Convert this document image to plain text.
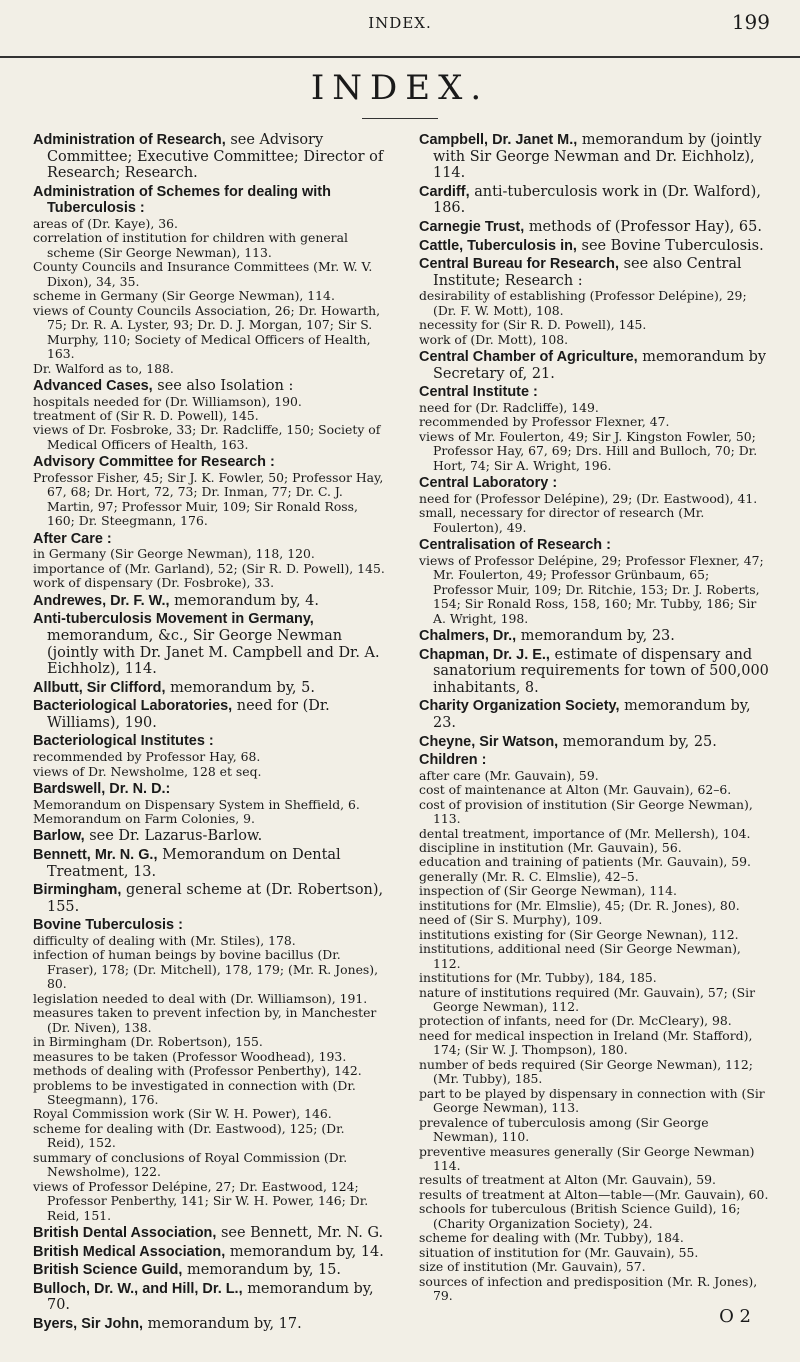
INDEX.	199
INDEX.
Administration of Research, see Advisory Committee; Executive Committee; Director of Research; Research.
Administration of Schemes for dealing with Tuberculosis :
areas of (Dr. Kaye), 36.
correlation of institution for children with general scheme (Sir George Newman), 113.
County Councils and Insurance Committees (Mr. W. V. Dixon), 34, 35.
scheme in Germany (Sir George Newman), 114.
views of County Councils Association, 26; Dr. Howarth, 75; Dr. R. A. Lyster, 93; Dr. D. J. Morgan, 107; Sir S. Murphy, 110; Society of Medical Officers of Health, 163.
Dr. Walford as to, 188.
Advanced Cases, see also Isolation :
hospitals needed for (Dr. Williamson), 190.
treatment of (Sir R. D. Powell), 145.
views of Dr. Fosbroke, 33; Dr. Radcliffe, 150; Society of Medical Officers of Health, 163.
Advisory Committee for Research :
Professor Fisher, 45; Sir J. K. Fowler, 50; Professor Hay, 67, 68; Dr. Hort, 72, 73; Dr. Inman, 77; Dr. C. J. Martin, 97; Professor Muir, 109; Sir Ronald Ross, 160; Dr. Steegmann, 176.
After Care :
in Germany (Sir George Newman), 118, 120.
importance of (Mr. Garland), 52; (Sir R. D. Powell), 145.
work of dispensary (Dr. Fosbroke), 33.
Andrewes, Dr. F. W., memorandum by, 4.
Anti-tuberculosis Movement in Germany, memorandum, &c., Sir George Newman (jointly with Dr. Janet M. Campbell and Dr. A. Eichholz), 114.
Allbutt, Sir Clifford, memorandum by, 5.
Bacteriological Laboratories, need for (Dr. Williams), 190.
Bacteriological Institutes :
recommended by Professor Hay, 68.
views of Dr. Newsholme, 128 et seq.
Bardswell, Dr. N. D.:
Memorandum on Dispensary System in Sheffield, 6.
Memorandum on Farm Colonies, 9.
Barlow, see Dr. Lazarus-Barlow.
Bennett, Mr. N. G., Memorandum on Dental Treatment, 13.
Birmingham, general scheme at (Dr. Robertson), 155.
Bovine Tuberculosis :
difficulty of dealing with (Mr. Stiles), 178.
infection of human beings by bovine bacillus (Dr. Fraser), 178; (Dr. Mitchell), 178, 179; (Mr. R. Jones), 80.
legislation needed to deal with (Dr. Williamson), 191.
measures taken to prevent infection by, in Manchester (Dr. Niven), 138.
in Birmingham (Dr. Robertson), 155.
measures to be taken (Professor Woodhead), 193.
methods of dealing with (Professor Penberthy), 142.
problems to be investigated in connection with (Dr. Steegmann), 176.
Royal Commission work (Sir W. H. Power), 146.
scheme for dealing with (Dr. Eastwood), 125; (Dr. Reid), 152.
summary of conclusions of Royal Commission (Dr. Newsholme), 122.
views of Professor Delépine, 27; Dr. Eastwood, 124; Professor Penberthy, 141; Sir W. H. Power, 146; Dr. Reid, 151.
British Dental Association, see Bennett, Mr. N. G.
British Medical Association, memorandum by, 14.
British Science Guild, memorandum by, 15.
Bulloch, Dr. W., and Hill, Dr. L., memorandum by, 70.
Byers, Sir John, memorandum by, 17.
Campbell, Dr. Janet M., memorandum by (jointly with Sir George Newman and Dr. Eichholz), 114.
Cardiff, anti-tuberculosis work in (Dr. Walford), 186.
Carnegie Trust, methods of (Professor Hay), 65.
Cattle, Tuberculosis in, see Bovine Tuberculosis.
Central Bureau for Research, see also Central Institute; Research :
desirability of establishing (Professor Delépine), 29; (Dr. F. W. Mott), 108.
necessity for (Sir R. D. Powell), 145.
work of (Dr. Mott), 108.
Central Chamber of Agriculture, memorandum by Secretary of, 21.
Central Institute :
need for (Dr. Radcliffe), 149.
recommended by Professor Flexner, 47.
views of Mr. Foulerton, 49; Sir J. Kingston Fowler, 50; Professor Hay, 67, 69; Drs. Hill and Bulloch, 70; Dr. Hort, 74; Sir A. Wright, 196.
Central Laboratory :
need for (Professor Delépine), 29; (Dr. Eastwood), 41.
small, necessary for director of research (Mr. Foulerton), 49.
Centralisation of Research :
views of Professor Delépine, 29; Professor Flexner, 47; Mr. Foulerton, 49; Professor Grünbaum, 65; Professor Muir, 109; Dr. Ritchie, 153; Dr. J. Roberts, 154; Sir Ronald Ross, 158, 160; Mr. Tubby, 186; Sir A. Wright, 198.
Chalmers, Dr., memorandum by, 23.
Chapman, Dr. J. E., estimate of dispensary and sanatorium requirements for town of 500,000 inhabitants, 8.
Charity Organization Society, memorandum by, 23.
Cheyne, Sir Watson, memorandum by, 25.
Children :
after care (Mr. Gauvain), 59.
cost of maintenance at Alton (Mr. Gauvain), 62–6.
cost of provision of institution (Sir George Newman), 113.
dental treatment, importance of (Mr. Mellersh), 104.
discipline in institution (Mr. Gauvain), 56.
education and training of patients (Mr. Gauvain), 59.
generally (Mr. R. C. Elmslie), 42–5.
inspection of (Sir George Newman), 114.
institutions for (Mr. Elmslie), 45; (Dr. R. Jones), 80.
need of (Sir S. Murphy), 109.
institutions existing for (Sir George Newnan), 112.
institutions, additional need (Sir George Newman), 112.
institutions for (Mr. Tubby), 184, 185.
nature of institutions required (Mr. Gauvain), 57; (Sir George Newman), 112.
protection of infants, need for (Dr. McCleary), 98.
need for medical inspection in Ireland (Mr. Stafford), 174; (Sir W. J. Thompson), 180.
number of beds required (Sir George Newman), 112; (Mr. Tubby), 185.
part to be played by dispensary in connection with (Sir George Newman), 113.
prevalence of tuberculosis among (Sir George Newman), 110.
preventive measures generally (Sir George Newman) 114.
results of treatment at Alton (Mr. Gauvain), 59.
results of treatment at Alton—table—(Mr. Gauvain), 60.
schools for tuberculous (British Science Guild), 16; (Charity Organization Society), 24.
scheme for dealing with (Mr. Tubby), 184.
situation of institution for (Mr. Gauvain), 55.
size of institution (Mr. Gauvain), 57.
sources of infection and predisposition (Mr. R. Jones), 79.
O 2
